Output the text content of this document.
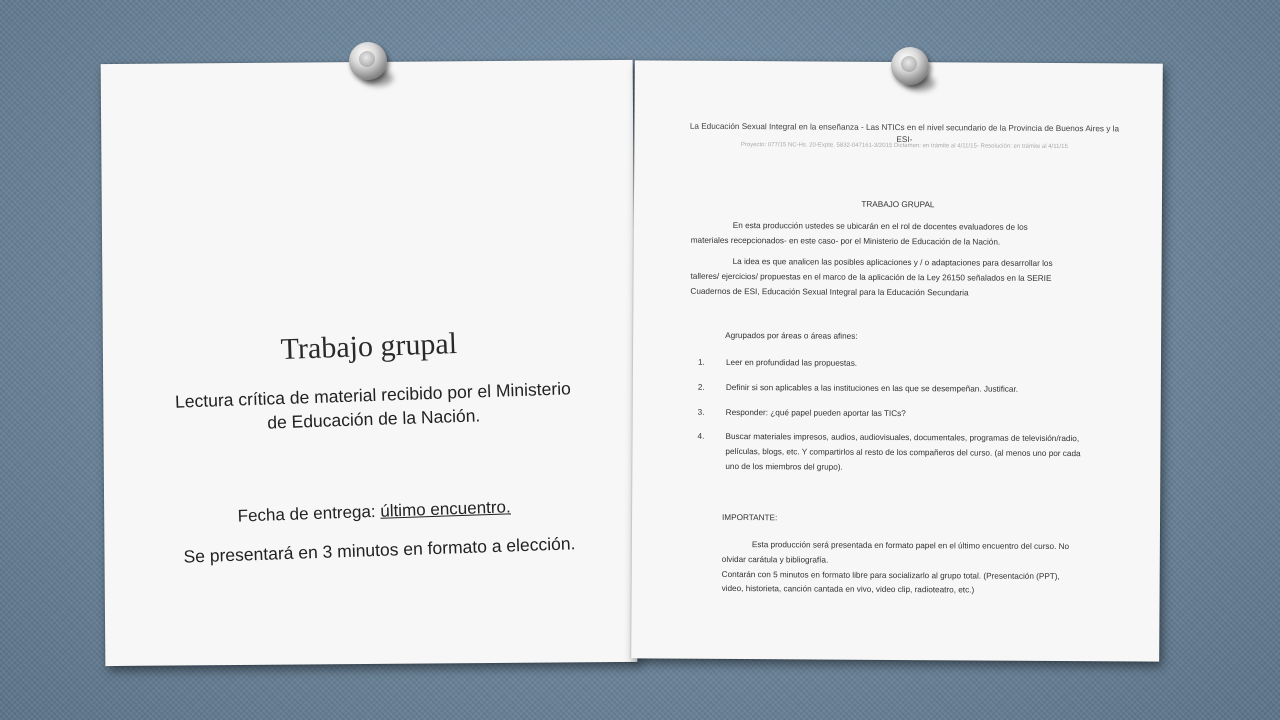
Trabajo grupal
Lectura crítica de material recibido por el Ministerio de Educación de la Nación.
Fecha de entrega: último encuentro.
Se presentará en 3 minutos en formato a elección.
La Educación Sexual Integral en la enseñanza - Las NTICs en el nivel secundario de la Provincia de Buenos Aires y la ESI-
Proyecto: 077/15 NC-Hs. 20-Expte. 5832-047161-3/2015 Dictamen: en trámite al 4/11/15- Resolución: en trámite al 4/11/15
TRABAJO GRUPAL
En esta producción ustedes se ubicarán en el rol de docentes evaluadores de los materiales recepcionados- en este caso- por el Ministerio de Educación de la Nación.
La idea es que analicen las posibles aplicaciones y / o adaptaciones para desarrollar los talleres/ ejercicios/ propuestas en el marco de la aplicación de la Ley 26150 señalados en la SERIE Cuadernos de ESI, Educación Sexual Integral para la Educación Secundaria
Agrupados por áreas o áreas afines:
1.	Leer en profundidad las propuestas.
2.	Definir si son aplicables a las instituciones en las que se desempeñan. Justificar.
3.	Responder: ¿qué papel pueden aportar las TICs?
4.	Buscar materiales impresos, audios, audiovisuales, documentales, programas de televisión/radio, películas, blogs, etc. Y compartirlos al resto de los compañeros del curso. (al menos uno por cada uno de los miembros del grupo).
IMPORTANTE:
Esta producción será presentada en formato papel en el último encuentro del curso. No olvidar carátula y bibliografía.
Contarán con 5 minutos en formato libre para socializarlo al grupo total. (Presentación (PPT), video, historieta, canción cantada en vivo, video clip, radioteatro, etc.)
